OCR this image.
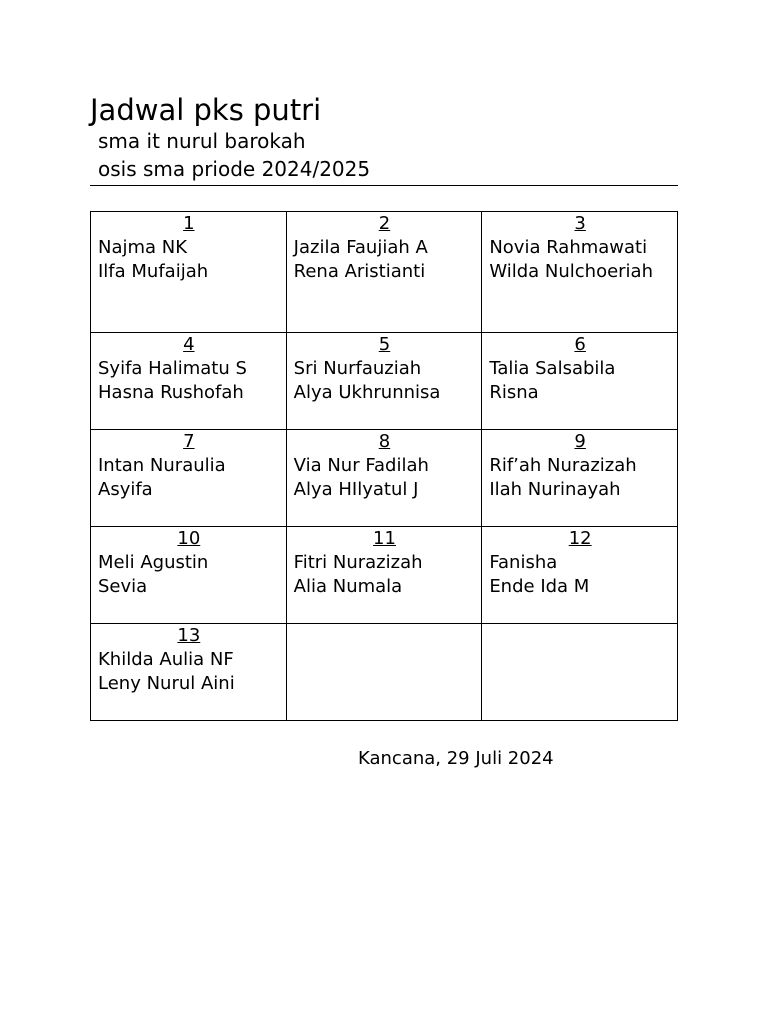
Jadwal pks putri
sma it nurul barokah
osis sma priode 2024/2025
1
Najma NK
Ilfa Mufaijah	2
Jazila Faujiah A
Rena Aristianti	3
Novia Rahmawati
Wilda Nulchoeriah

4
Syifa Halimatu S
Hasna Rushofah	5
Sri Nurfauziah
Alya Ukhrunnisa	6
Talia Salsabila
Risna

7
Intan Nuraulia
Asyifa	8
Via Nur Fadilah
Alya HIlyatul J	9
Rif’ah Nurazizah
Ilah Nurinayah

10
Meli Agustin
Sevia	11
Fitri Nurazizah
Alia Numala	12
Fanisha
Ende Ida M

13
Khilda Aulia NF
Leny Nurul Aini		

Kancana, 29 Juli 2024
